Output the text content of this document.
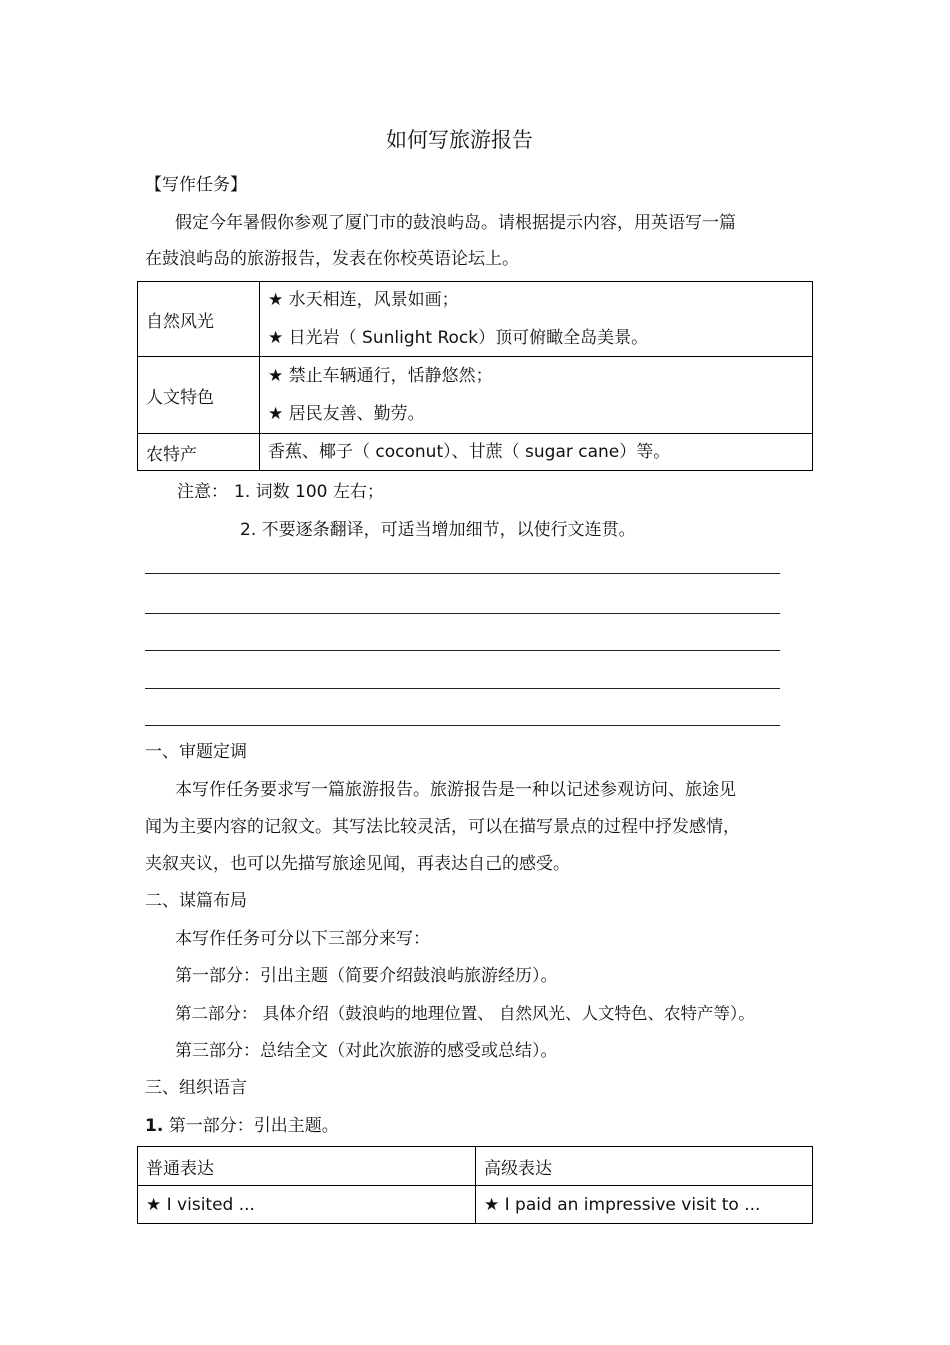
如何写旅游报告
【写作任务】
假定今年暑假你参观了厦门市的鼓浪屿岛。请根据提示内容，用英语写一篇
在鼓浪屿岛的旅游报告，发表在你校英语论坛上。
自然风光	★ 水天相连，风景如画；
★ 日光岩（ Sunlight Rock）顶可俯瞰全岛美景。

人文特色	★ 禁止车辆通行，恬静悠然；
★ 居民友善、勤劳。

农特产	香蕉、椰子（ coconut）、甘蔗（ sugar cane）等。
注意： 1. 词数 100 左右；
2. 不要逐条翻译，可适当增加细节，以使行文连贯。
一、审题定调
本写作任务要求写一篇旅游报告。旅游报告是一种以记述参观访问、旅途见
闻为主要内容的记叙文。其写法比较灵活，可以在描写景点的过程中抒发感情，
夹叙夹议，也可以先描写旅途见闻，再表达自己的感受。
二、谋篇布局
本写作任务可分以下三部分来写：
第一部分：引出主题（简要介绍鼓浪屿旅游经历）。
第二部分： 具体介绍（鼓浪屿的地理位置、 自然风光、人文特色、农特产等）。
第三部分：总结全文（对此次旅游的感受或总结）。
三、组织语言
1. 第一部分：引出主题。
普通表达	高级表达
★ I visited ...	★ I paid an impressive visit to ...
